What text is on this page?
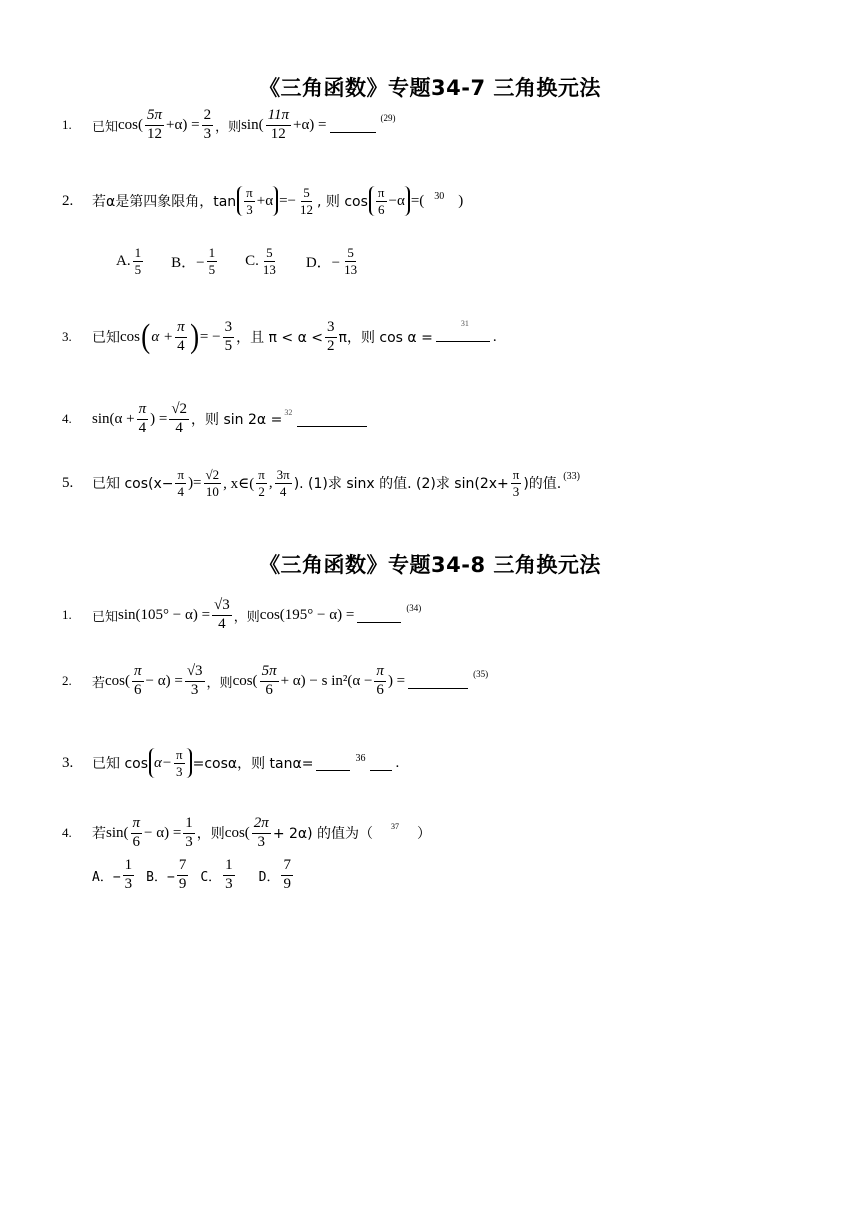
《三角函数》专题34-7 三角换元法
1.	已知 $\cos( \frac{5\pi}{12} +\alpha) = \frac{2}{3}$ ，则 $\sin( \frac{11\pi}{12} +\alpha)$ =	(29)
2.	若α是第四象限角，$\tan \frac{\pi}{3} +\alpha =- \frac{5}{12}$ , 则 $\cos \frac{\pi}{6} -\alpha$ =( 30 )
A. $\frac{1}{5}$ B．− $\frac{1}{5} C$. $\frac{5}{13}$ D．− $\frac{5}{13}$
3.	已知 cos ( $\alpha + \frac{\pi}{4}$ ) = − $\frac{3}{5}$ ，且 $\pi < \alpha < \frac{3}{2}$ π，则 cos α =
31
.
4.	$\sin(\alpha + \frac{\pi}{4}$ ) = $\frac{√2}{4}$ ，则 sin 2α = 32
5.	已知 $\cos(x- \frac{\pi}{4}$ )= $\frac{√2}{10}$ , x∈( $\frac{\pi}{2}$ , $\frac{3\pi}{4}$ ). (1)求 sinx 的值. (2)求 $\sin(2x+ \frac{\pi}{3}$ )的值. (33)
《三角函数》专题34-8 三角换元法
1.	已知 $\sin(105^\circ - \alpha) = \frac{√3}{4}$ ，则 cos(195° − α) =	(34)
2.	若 $\cos( \frac{\pi}{6} - \alpha) = \frac{√3}{3}$ ，则 $\cos( \frac{5\pi}{6} + \alpha) - s$ $in^2(\alpha - \frac{\pi}{6}$ ) =	(35)
3.	已知 $\cos \alpha- \frac{\pi}{3} =\cos\alpha$，则 tanα=	36 .
4.	若 $\sin( \frac{\pi}{6} - \alpha) = \frac{1}{3}$ ，则 $\cos( \frac{2\pi}{3} + 2\alpha)$ 的值为（ 37 ）
A．− $\frac{1}{3}$ B．− $\frac{7}{9}$ C． $\frac{1}{3}$ D． $\frac{7}{9}$
